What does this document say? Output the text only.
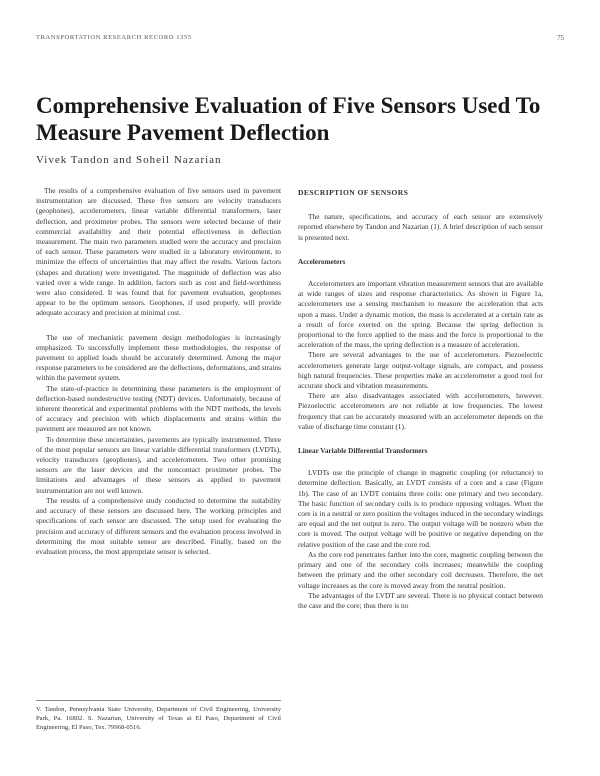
TRANSPORTATION RESEARCH RECORD 1355	75
Comprehensive Evaluation of Five Sensors Used To Measure Pavement Deflection
Vivek Tandon and Soheil Nazarian

The results of a comprehensive evaluation of five sensors used in pavement instrumentation are discussed. These five sensors are velocity transducers (geophones), accelerometers, linear variable differential transformers, laser deflection, and proximeter probes. The sensors were selected because of their commercial availability and their potential effectiveness in deflection measurement. The main two parameters studied were the accuracy and precision of each sensor. These parameters were studied in a laboratory environment, to minimize the effects of uncertainties that may affect the results. Various factors (shapes and duration) were investigated. The magnitude of deflection was also varied over a wide range. In addition, factors such as cost and field-worthiness were also considered. It was found that for pavement evaluation, geophones appear to be the optimum sensors. Geophones, if used properly, will provide adequate accuracy and precision at minimal cost.

The use of mechanistic pavement design methodologies is increasingly emphasized. To successfully implement these methodologies, the response of pavement to applied loads should be accurately determined. Among the major response parameters to be considered are the deflections, deformations, and strains within the pavement system.

The state-of-practice in determining these parameters is the employment of deflection-based nondestructive testing (NDT) devices. Unfortunately, because of inherent theoretical and experimental problems with the NDT methods, the levels of accuracy and precision with which displacements and strains within the pavement are measured are not known.

To determine these uncertainties, pavements are typically instrumented. Three of the most popular sensors are linear variable differential transformers (LVDTs), velocity transducers (geophones), and accelerometers. Two other promising sensors are the laser devices and the noncontact proximeter probes. The limitations and advantages of these sensors as applied to pavement instrumentation are not well known.

The results of a comprehensive study conducted to determine the suitability and accuracy of these sensors are discussed here. The working principles and specifications of each sensor are discussed. The setup used for evaluating the precision and accuracy of different sensors and the evaluation process involved in determining the most suitable sensor are described. Finally, based on the evaluation process, the most appropriate sensor is selected.

V. Tandon, Pennsylvania State University, Department of Civil Engineering, University Park, Pa. 16802. S. Nazarian, University of Texas at El Paso, Department of Civil Engineering, El Paso, Tex. 79968-0516.
DESCRIPTION OF SENSORS

The nature, specifications, and accuracy of each sensor are extensively reported elsewhere by Tandon and Nazarian (1). A brief description of each sensor is presented next.

Accelerometers

Accelerometers are important vibration measurement sensors that are available at wide ranges of sizes and response characteristics. As shown in Figure 1a, accelerometers use a sensing mechanism to measure the acceleration that acts upon a mass. Under a dynamic motion, the mass is accelerated at a certain rate as a result of force exerted on the spring. Because the spring deflection is proportional to the force applied to the mass and the force is proportional to the acceleration of the mass, the spring deflection is a measure of acceleration.

There are several advantages to the use of accelerometers. Piezoelectric accelerometers generate large output-voltage signals, are compact, and possess high natural frequencies. These properties make an accelerometer a good tool for accurate shock and vibration measurements.

There are also disadvantages associated with accelerometers, however. Piezoelectric accelerometers are not reliable at low frequencies. The lowest frequency that can be accurately measured with an accelerometer depends on the value of discharge time constant (1).

Linear Variable Differential Transformers

LVDTs use the principle of change in magnetic coupling (or reluctance) to determine deflection. Basically, an LVDT consists of a core and a case (Figure 1b). The case of an LVDT contains three coils: one primary and two secondary. The basic function of secondary coils is to produce opposing voltages. When the core is in a neutral or zero position the voltages induced in the secondary windings are equal and the net output is zero. The output voltage will be nonzero when the core is moved. The output voltage will be positive or negative depending on the relative position of the case and the core rod.

As the core rod penetrates farther into the core, magnetic coupling between the primary and one of the secondary coils increases; meanwhile the coupling between the primary and the other secondary coil decreases. Therefore, the net voltage increases as the core is moved away from the neutral position.

The advantages of the LVDT are several. There is no physical contact between the case and the core; thus there is no
